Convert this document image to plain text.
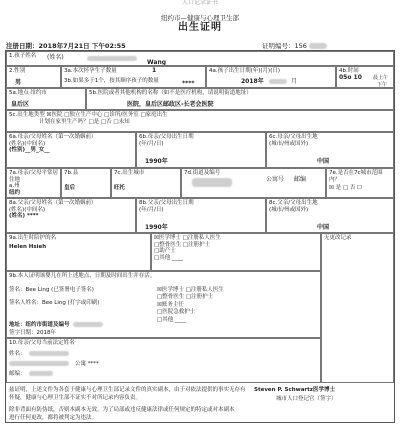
人口记录证书
纽约市—健康与心理卫生部
出生证明
注册日期：2018年7月21日 下午02:55	证明编号：156
1.孩子姓名 (姓名)
Wang
2.性别
男
3a.本次怀孕生子数量	1
3b.如果多于1个，按其顺序孩子的数量	****
4a.孩子出生日期(年)(月)(日)
2018年	月
4b.时间
05o 10 晨上午
下午
5a.地点 纽约市
皇后区
5b.医院或者其他机构的名称（如不是医疗机构，请说明街道地址）
医院，皇后区邮政区-长老会医院
5c.出生地类型 ☒医院 □独立生产中心 □诊所/医务室 □家庭出生
计划在家里生产吗？□是 □否 □未知
6a.母亲/父母姓名（第一次婚姻前）
(姓名)(中间名)
(性别)__男_女__
6b.母亲/父母出生日期
(年/月/日)
1990年
6c.母亲/父母出生地
(城市/州或国外)
中国
7a.母亲/父母平常居住地
a.州
纽约
7b.县
皇后
7c.出生城市
旺托
7d.街道及编号
公寓号 邮编
7e.是否在7c城市范围内？
☒ 是 □ 否 ☐
8a.父亲/父母姓名（第一次婚姻前）
(姓名)(中间名)
(姓名) ****
8b.父亲/父母出生日期
(年/月/日)
1990年
8c.父亲/父母出生地
(城市/州或国外)
中国
9a.出生时陪护的名
Helen Hsieh
☒医学博士 □注册私人医生
□整骨医生 □注册护士
□助产士
□其他 ____
无更改记录
9b.本人证明该婴儿在所上述地点、日期及时间出生并存活。
签名：Bee Ling (已签署电子签名)
签名人姓名：Bee Ling (打字或印刷)
☒医学博士 □注册私人医生
□整骨医生 □注册护士
☒账务主任
□医院急救护士
□其他 ____
地址：纽约市街道及编号
签字日期：2018年
10.母亲/父母当前法定姓名
姓名：
公寓 ****
邮编：
兹证明，上述文件为各套于健康与心理卫生部记录文件的真实副本，由于对依法提供的事实无存有
怀疑，健康与心理卫生部不证实不对所记录内容负责。
Steven P. Schwartz医学博士
城市人口登记官（签字）
除非背面有防伪纸，否则本副本无效。为了局部或违反健康法律或任何规定的特定或对本副本
进行任何更改，都将被判定为违法。
